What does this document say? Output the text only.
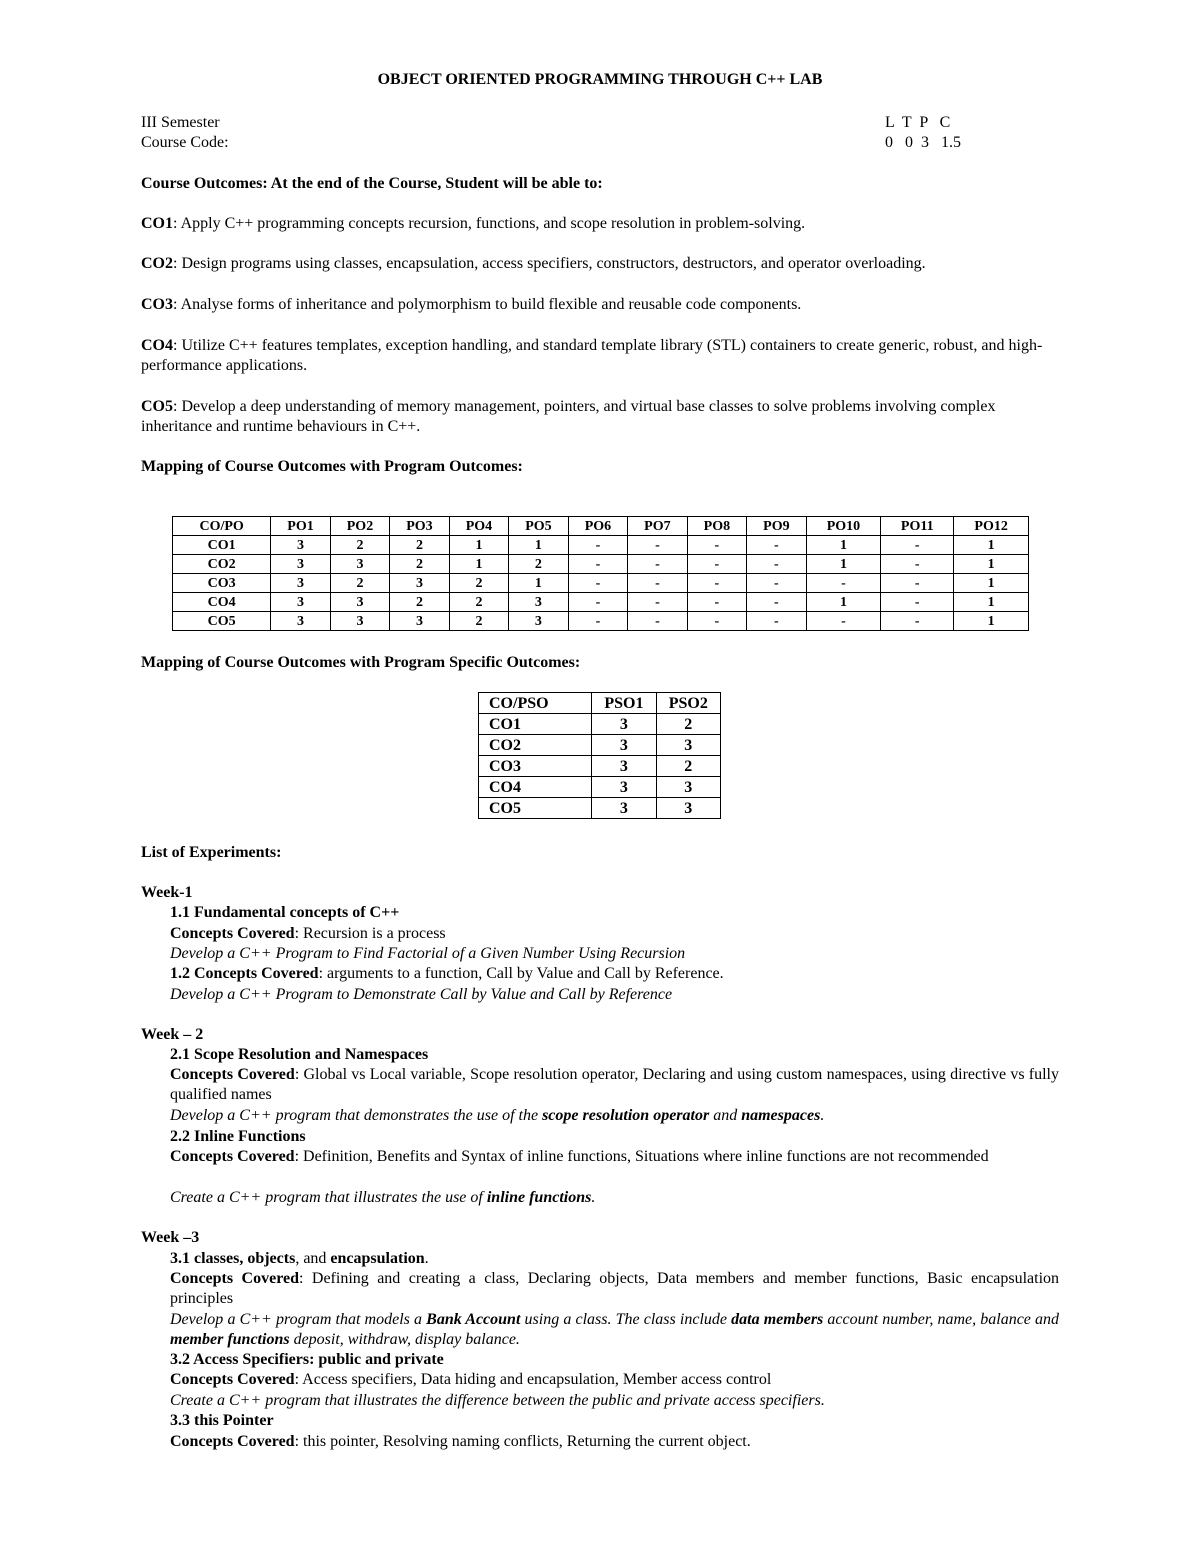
OBJECT ORIENTED PROGRAMMING THROUGH C++ LAB
III Semester
Course Code:
L  T  P   C
0   0  3   1.5
Course Outcomes: At the end of the Course, Student will be able to:
CO1: Apply C++ programming concepts recursion, functions, and scope resolution in problem-solving.
CO2: Design programs using classes, encapsulation, access specifiers, constructors, destructors, and operator overloading.
CO3: Analyse forms of inheritance and polymorphism to build flexible and reusable code components.
CO4: Utilize C++ features templates, exception handling, and standard template library (STL) containers to create generic, robust, and high-performance applications.
CO5: Develop a deep understanding of memory management, pointers, and virtual base classes to solve problems involving complex inheritance and runtime behaviours in C++.
Mapping of Course Outcomes with Program Outcomes:
CO/PO	PO1	PO2	PO3	PO4	PO5	PO6	PO7	PO8	PO9	PO10	PO11	PO12
CO1	3	2	2	1	1	-	-	-	-	1	-	1
CO2	3	3	2	1	2	-	-	-	-	1	-	1
CO3	3	2	3	2	1	-	-	-	-	-	-	1
CO4	3	3	2	2	3	-	-	-	-	1	-	1
CO5	3	3	3	2	3	-	-	-	-	-	-	1
Mapping of Course Outcomes with Program Specific Outcomes:
CO/PSO	PSO1	PSO2
CO1	3	2
CO2	3	3
CO3	3	2
CO4	3	3
CO5	3	3
List of Experiments:
Week-1
1.1 Fundamental concepts of C++
Concepts Covered: Recursion is a process
Develop a C++ Program to Find Factorial of a Given Number Using Recursion
1.2 Concepts Covered: arguments to a function, Call by Value and Call by Reference.
Develop a C++ Program to Demonstrate Call by Value and Call by Reference
Week – 2
2.1 Scope Resolution and Namespaces
Concepts Covered: Global vs Local variable, Scope resolution operator, Declaring and using custom namespaces, using directive vs fully qualified names
Develop a C++ program that demonstrates the use of the scope resolution operator and namespaces.
2.2 Inline Functions
Concepts Covered: Definition, Benefits and Syntax of inline functions, Situations where inline functions are not recommended
Create a C++ program that illustrates the use of inline functions.
Week –3
3.1 classes, objects, and encapsulation.
Concepts Covered: Defining and creating a class, Declaring objects, Data members and member functions, Basic encapsulation principles
Develop a C++ program that models a Bank Account using a class. The class include data members account number, name, balance and member functions deposit, withdraw, display balance.
3.2 Access Specifiers: public and private
Concepts Covered: Access specifiers, Data hiding and encapsulation, Member access control
Create a C++ program that illustrates the difference between the public and private access specifiers.
3.3 this Pointer
Concepts Covered: this pointer, Resolving naming conflicts, Returning the current object.
